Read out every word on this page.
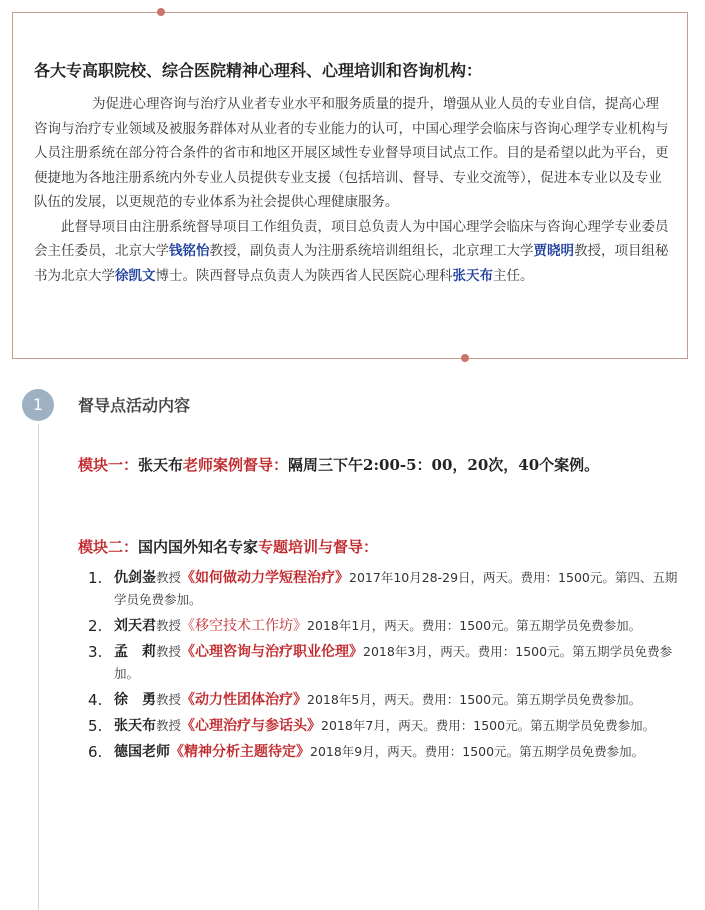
各大专高职院校、综合医院精神心理科、心理培训和咨询机构：

为促进心理咨询与治疗从业者专业水平和服务质量的提升，增强从业人员的专业自信，提高心理咨询与治疗专业领域及被服务群体对从业者的专业能力的认可，中国心理学会临床与咨询心理学专业机构与人员注册系统在部分符合条件的省市和地区开展区域性专业督导项目试点工作。目的是希望以此为平台，更便捷地为各地注册系统内外专业人员提供专业支援（包括培训、督导、专业交流等），促进本专业以及专业队伍的发展，以更规范的专业体系为社会提供心理健康服务。

此督导项目由注册系统督导项目工作组负责，项目总负责人为中国心理学会临床与咨询心理学专业委员会主任委员，北京大学钱铭怡教授，副负责人为注册系统培训组组长，北京理工大学贾晓明教授，项目组秘书为北京大学徐凯文博士。陕西督导点负责人为陕西省人民医院心理科张天布主任。

1	督导点活动内容

模块一：张天布老师案例督导：隔周三下午2:00-5：00，20次，40个案例。

模块二：国内国外知名专家专题培训与督导：

1. 仇剑崟教授《如何做动力学短程治疗》2017年10月28-29日，两天。费用：1500元。第四、五期学员免费参加。
2. 刘天君教授《移空技术工作坊》2018年1月，两天。费用：1500元。第五期学员免费参加。
3. 孟　莉教授《心理咨询与治疗职业伦理》2018年3月，两天。费用：1500元。第五期学员免费参加。
4. 徐　勇教授《动力性团体治疗》2018年5月，两天。费用：1500元。第五期学员免费参加。
5. 张天布教授《心理治疗与参话头》2018年7月，两天。费用：1500元。第五期学员免费参加。
6. 德国老师《精神分析主题待定》2018年9月，两天。费用：1500元。第五期学员免费参加。
